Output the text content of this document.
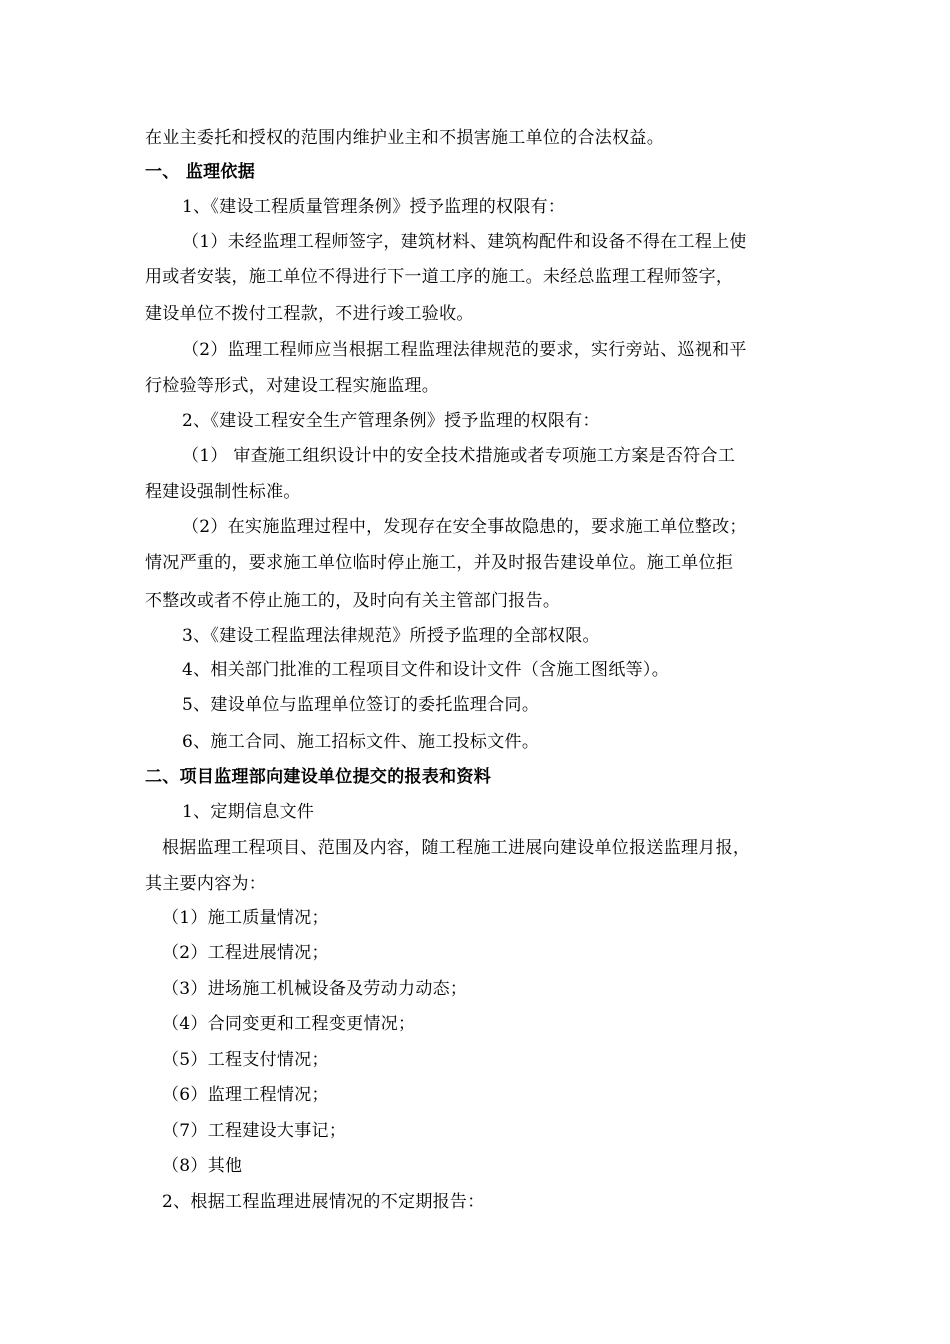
在业主委托和授权的范围内维护业主和不损害施工单位的合法权益。
一、 监理依据
1、《建设工程质量管理条例》授予监理的权限有：
（1）未经监理工程师签字，建筑材料、建筑构配件和设备不得在工程上使
用或者安装，施工单位不得进行下一道工序的施工。未经总监理工程师签字，
建设单位不拨付工程款，不进行竣工验收。
（2）监理工程师应当根据工程监理法律规范的要求，实行旁站、巡视和平
行检验等形式，对建设工程实施监理。
2、《建设工程安全生产管理条例》授予监理的权限有：
（1） 审查施工组织设计中的安全技术措施或者专项施工方案是否符合工
程建设强制性标准。
（2）在实施监理过程中，发现存在安全事故隐患的，要求施工单位整改；
情况严重的，要求施工单位临时停止施工，并及时报告建设单位。施工单位拒
不整改或者不停止施工的，及时向有关主管部门报告。
3、《建设工程监理法律规范》所授予监理的全部权限。
4、相关部门批准的工程项目文件和设计文件（含施工图纸等）。
5、建设单位与监理单位签订的委托监理合同。
6、施工合同、施工招标文件、施工投标文件。
二、项目监理部向建设单位提交的报表和资料
1、定期信息文件
根据监理工程项目、范围及内容，随工程施工进展向建设单位报送监理月报，
其主要内容为：
（1）施工质量情况；
（2）工程进展情况；
（3）进场施工机械设备及劳动力动态；
（4）合同变更和工程变更情况；
（5）工程支付情况；
（6）监理工程情况；
（7）工程建设大事记；
（8）其他
2、根据工程监理进展情况的不定期报告：
